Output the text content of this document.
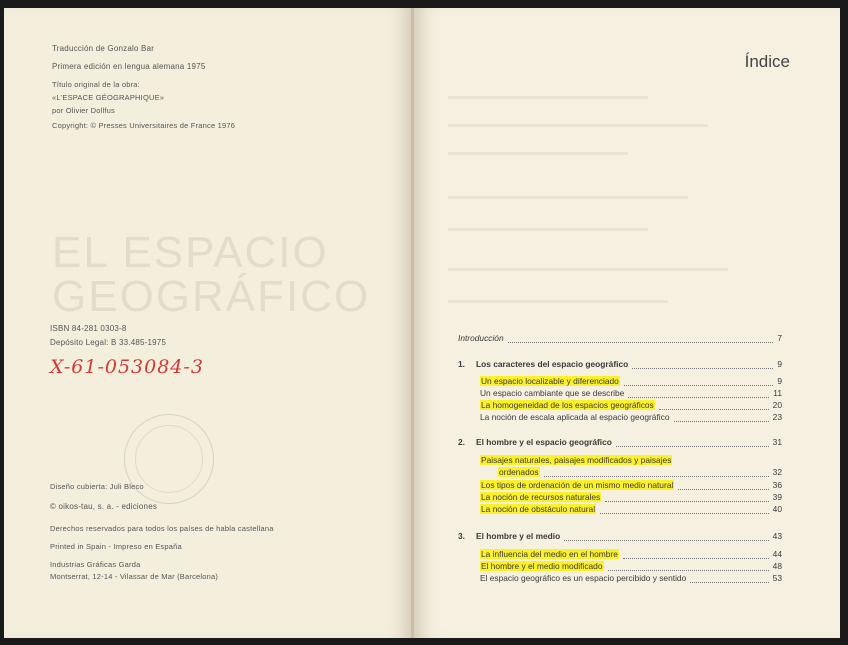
Traducción de Gonzalo Bar
Primera edición en lengua alemana 1975
Título original de la obra:
«L'ESPACE GÉOGRAPHIQUE»
por Olivier Dollfus
Copyright: © Presses Universitaires de France 1976
EL ESPACIO
GEOGRÁFICO
ISBN 84-281 0303-8
Depósito Legal: B 33.485-1975
X-61-053084-3
Diseño cubierta: Juli Bleco
© oikos-tau, s. a. - ediciones
Derechos reservados para todos los países de habla castellana
Printed in Spain - Impreso en España
Industrias Gráficas Garda
Montserrat, 12-14 - Vilassar de Mar (Barcelona)
Índice
Introducción	7
1. Los caracteres del espacio geográfico	9
Un espacio localizable y diferenciado	9
Un espacio cambiante que se describe	11
La homogeneidad de los espacios geográficos	20
La noción de escala aplicada al espacio geográfico	23
2. El hombre y el espacio geográfico	31
Paisajes naturales, paisajes modificados y paisajes
ordenados	32
Los tipos de ordenación de un mismo medio natural	36
La noción de recursos naturales	39
La noción de obstáculo natural	40
3. El hombre y el medio	43
La influencia del medio en el hombre	44
El hombre y el medio modificado	48
El espacio geográfico es un espacio percibido y sentido	53
